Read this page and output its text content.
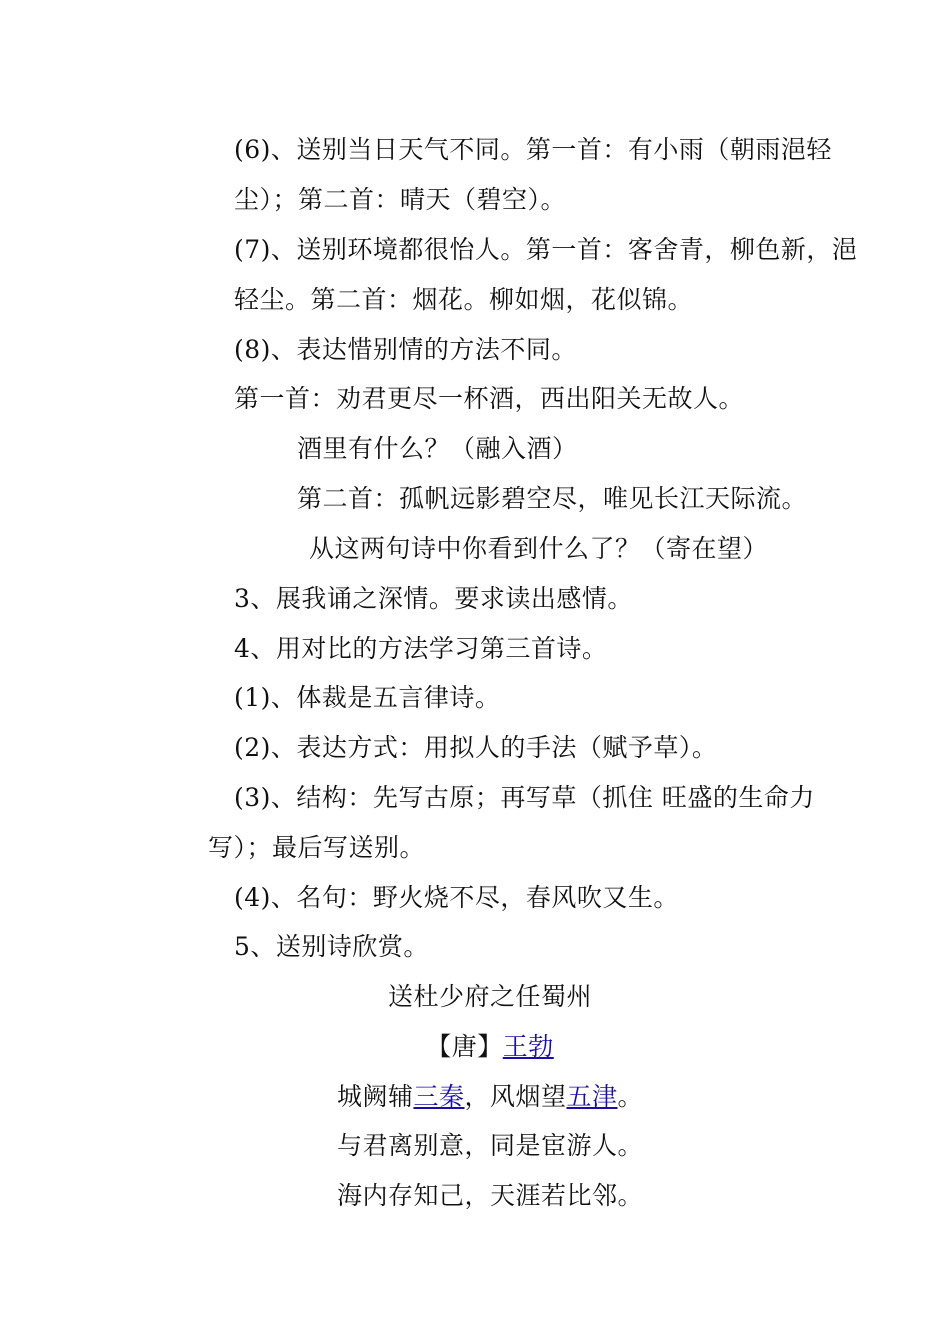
(6)、送别当日天气不同。第一首：有小雨（朝雨浥轻
尘）；第二首：晴天（碧空）。
(7)、送别环境都很怡人。第一首：客舍青，柳色新，浥
轻尘。第二首：烟花。柳如烟，花似锦。
(8)、表达惜别情的方法不同。
第一首：劝君更尽一杯酒，西出阳关无故人。
酒里有什么？（融入酒）
第二首：孤帆远影碧空尽，唯见长江天际流。
从这两句诗中你看到什么了？（寄在望）
3、展我诵之深情。要求读出感情。
4、用对比的方法学习第三首诗。
(1)、体裁是五言律诗。
(2)、表达方式：用拟人的手法（赋予草）。
(3)、结构：先写古原；再写草（抓住 旺盛的生命力
写）；最后写送别。
(4)、名句：野火烧不尽，春风吹又生。
5、送别诗欣赏。
送杜少府之任蜀州
【唐】王勃
城阙辅三秦，风烟望五津。
与君离别意，同是宦游人。
海内存知己，天涯若比邻。
